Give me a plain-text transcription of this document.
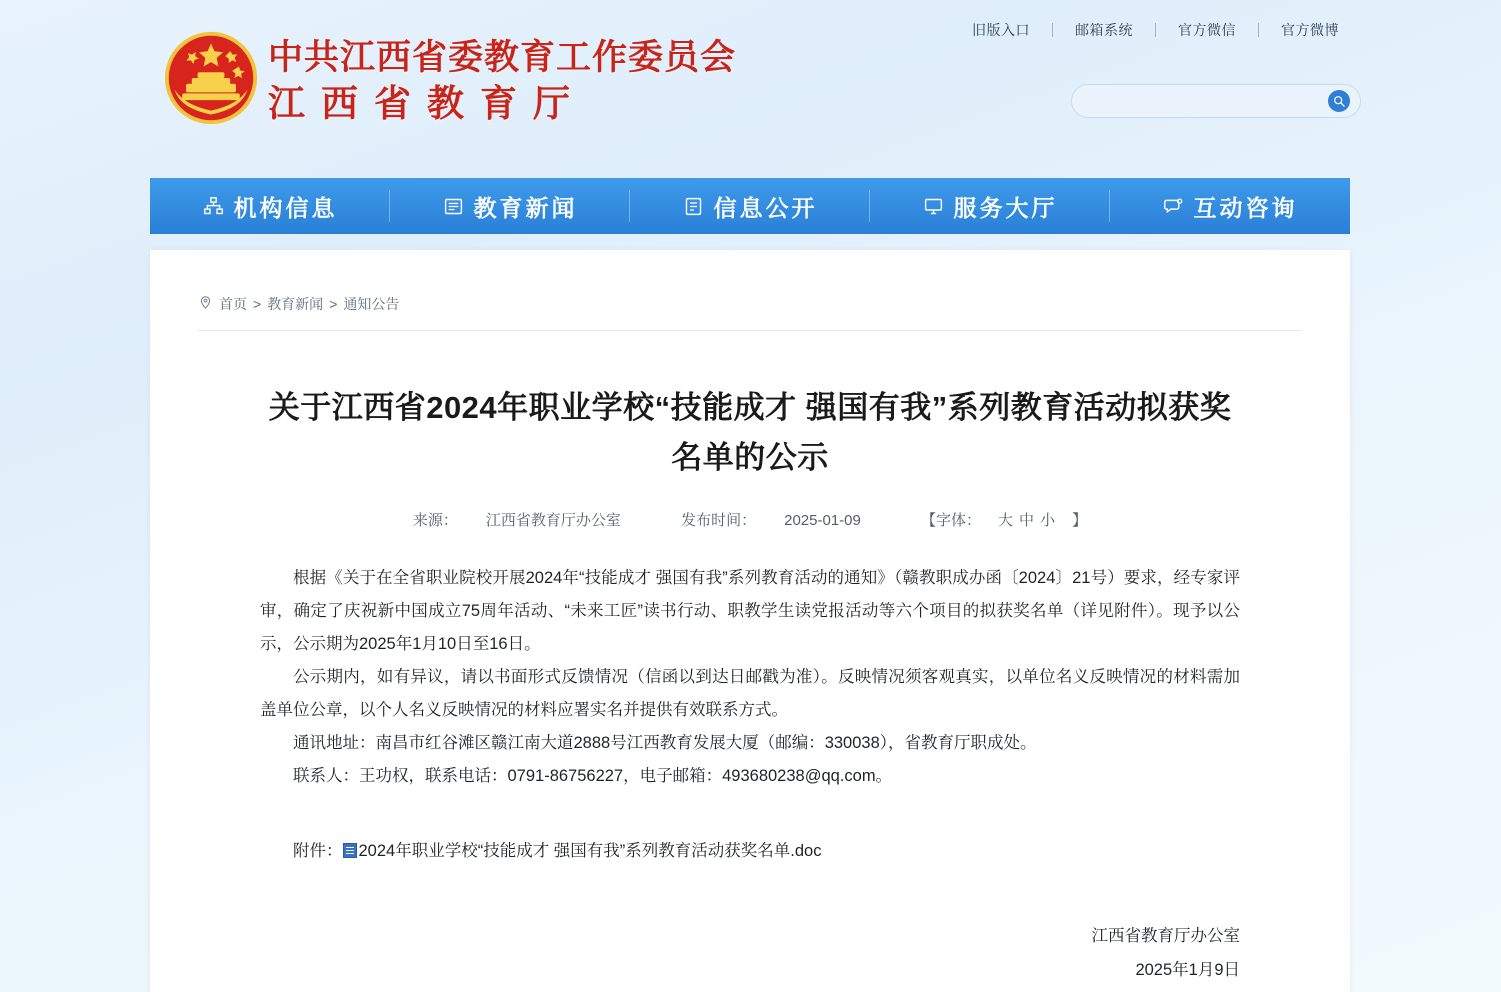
旧版入口	邮箱系统	官方微信	官方微博
中共江西省委教育工作委员会
江西省教育厅
机构信息	教育新闻	信息公开	服务大厅	互动咨询
首页 > 教育新闻 > 通知公告
关于江西省2024年职业学校“技能成才 强国有我”系列教育活动拟获奖名单的公示
来源： 江西省教育厅办公室	发布时间： 2025-01-09	【字体： 大 中 小 】

根据《关于在全省职业院校开展2024年“技能成才 强国有我”系列教育活动的通知》（赣教职成办函〔2024〕21号）要求，经专家评审，确定了庆祝新中国成立75周年活动、“未来工匠”读书行动、职教学生读党报活动等六个项目的拟获奖名单（详见附件）。现予以公示，公示期为2025年1月10日至16日。

公示期内，如有异议，请以书面形式反馈情况（信函以到达日邮戳为准）。反映情况须客观真实，以单位名义反映情况的材料需加盖单位公章，以个人名义反映情况的材料应署实名并提供有效联系方式。

通讯地址：南昌市红谷滩区赣江南大道2888号江西教育发展大厦（邮编：330038），省教育厅职成处。

联系人：王功权，联系电话：0791-86756227，电子邮箱：493680238@qq.com。

附件： 2024年职业学校“技能成才 强国有我”系列教育活动获奖名单.doc
江西省教育厅办公室
2025年1月9日
